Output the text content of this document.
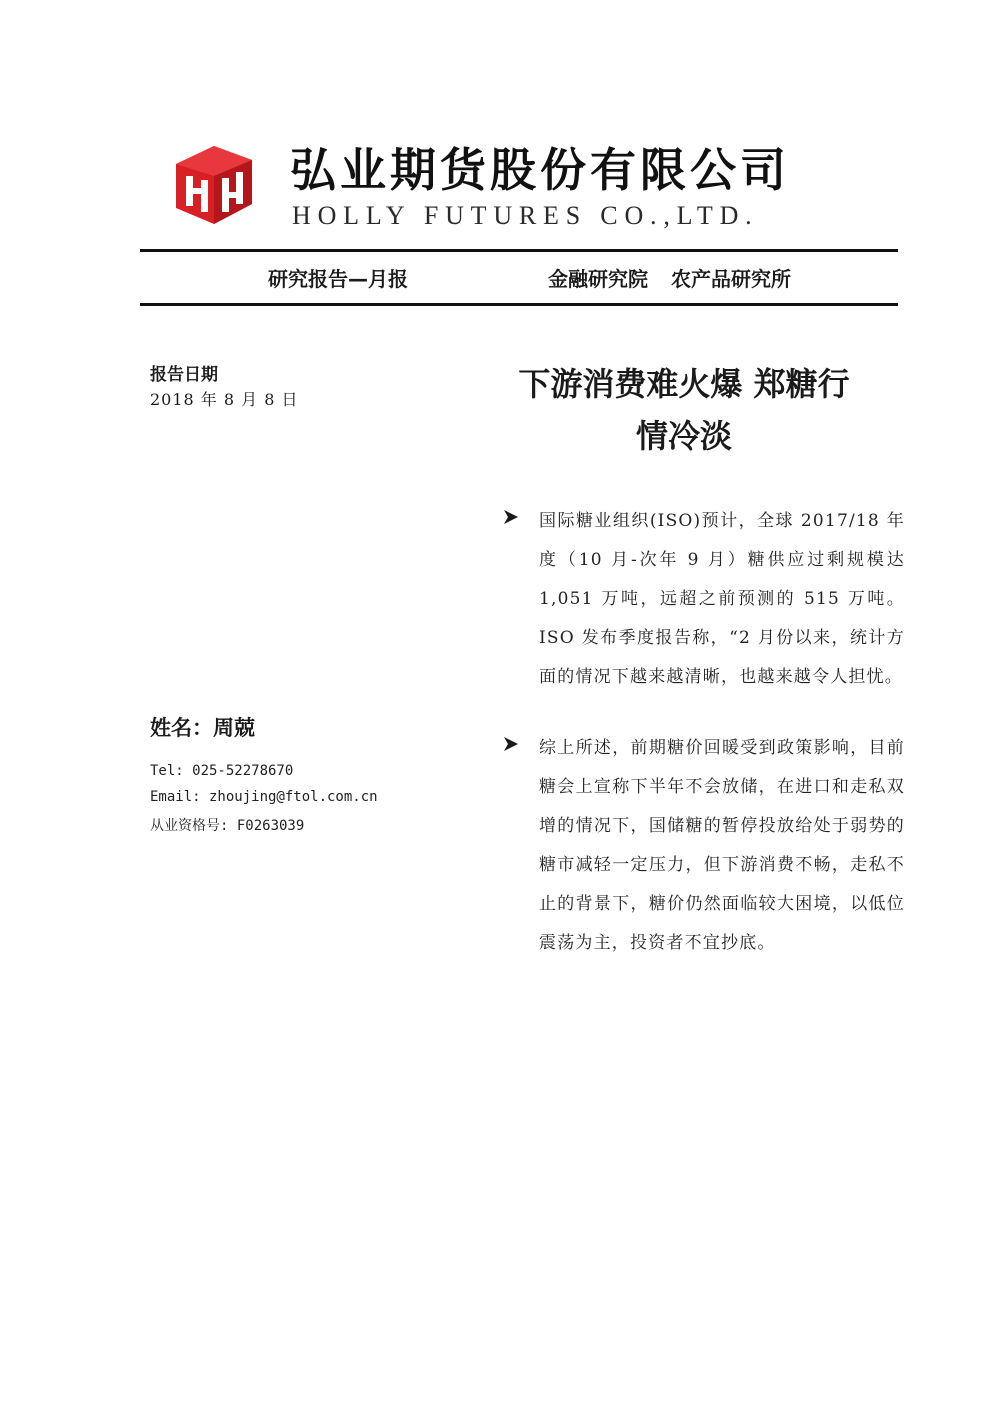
弘业期货股份有限公司
HOLLY FUTURES CO.,LTD.
研究报告—月报	金融研究院 农产品研究所
报告日期
2018 年 8 月 8 日
姓名：周兢
Tel: 025-52278670
Email: zhoujing@ftol.com.cn
从业资格号: F0263039
下游消费难火爆 郑糖行
情冷淡
国际糖业组织(ISO)预计，全球 2017/18 年度（10 月-次年 9 月）糖供应过剩规模达 1,051 万吨，远超之前预测的 515 万吨。ISO 发布季度报告称，“2 月份以来，统计方面的情况下越来越清晰，也越来越令人担忧。
综上所述，前期糖价回暖受到政策影响，目前糖会上宣称下半年不会放储，在进口和走私双增的情况下，国储糖的暂停投放给处于弱势的糖市减轻一定压力，但下游消费不畅，走私不止的背景下，糖价仍然面临较大困境，以低位震荡为主，投资者不宜抄底。
